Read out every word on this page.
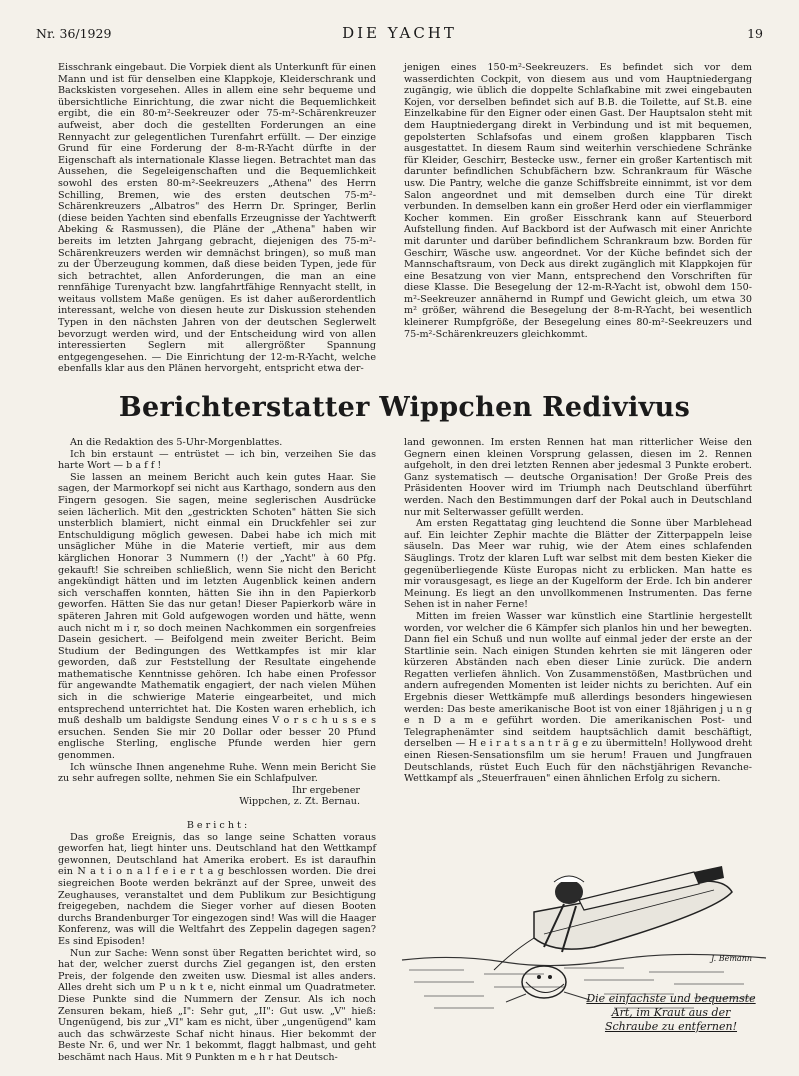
Nr. 36/1929	DIE YACHT	19

Eisschrank eingebaut. Die Vorpiek dient als Unterkunft für einen Mann und ist für denselben eine Klappkoje, Kleiderschrank und Backskisten vorgesehen. Alles in allem eine sehr bequeme und übersichtliche Einrichtung, die zwar nicht die Bequemlichkeit ergibt, die ein 80-m²-Seekreuzer oder 75-m²-Schärenkreuzer aufweist, aber doch die gestellten Forderungen an eine Rennyacht zur gelegentlichen Turenfahrt erfüllt. — Der einzige Grund für eine Forderung der 8-m-R-Yacht dürfte in der Eigenschaft als internationale Klasse liegen. Betrachtet man das Aussehen, die Segeleigenschaften und die Bequemlichkeit sowohl des ersten 80-m²-Seekreuzers „Athena" des Herrn Schilling, Bremen, wie des ersten deutschen 75-m²-Schärenkreuzers „Albatros" des Herrn Dr. Springer, Berlin (diese beiden Yachten sind ebenfalls Erzeugnisse der Yachtwerft Abeking & Rasmussen), die Pläne der „Athena" haben wir bereits im letzten Jahrgang gebracht, diejenigen des 75-m²-Schärenkreuzers werden wir demnächst bringen), so muß man zu der Überzeugung kommen, daß diese beiden Typen, jede für sich betrachtet, allen Anforderungen, die man an eine rennfähige Turenyacht bzw. langfahrtfähige Rennyacht stellt, in weitaus vollstem Maße genügen. Es ist daher außerordentlich interessant, welche von diesen heute zur Diskussion stehenden Typen in den nächsten Jahren von der deutschen Seglerwelt bevorzugt werden wird, und der Entscheidung wird von allen interessierten Seglern mit allergrößter Spannung entgegengesehen. — Die Einrichtung der 12-m-R-Yacht, welche ebenfalls klar aus den Plänen hervorgeht, entspricht etwa der-

jenigen eines 150-m²-Seekreuzers. Es befindet sich vor dem wasserdichten Cockpit, von diesem aus und vom Hauptniedergang zugängig, wie üblich die doppelte Schlafkabine mit zwei eingebauten Kojen, vor derselben befindet sich auf B.B. die Toilette, auf St.B. eine Einzelkabine für den Eigner oder einen Gast. Der Hauptsalon steht mit dem Hauptniedergang direkt in Verbindung und ist mit bequemen, gepolsterten Schlafsofas und einem großen klappbaren Tisch ausgestattet. In diesem Raum sind weiterhin verschiedene Schränke für Kleider, Geschirr, Bestecke usw., ferner ein großer Kartentisch mit darunter befindlichen Schubfächern bzw. Schrankraum für Wäsche usw. Die Pantry, welche die ganze Schiffsbreite einnimmt, ist vor dem Salon angeordnet und mit demselben durch eine Tür direkt verbunden. In demselben kann ein großer Herd oder ein vierflammiger Kocher kommen. Ein großer Eisschrank kann auf Steuerbord Aufstellung finden. Auf Backbord ist der Aufwasch mit einer Anrichte mit darunter und darüber befindlichem Schrankraum bzw. Borden für Geschirr, Wäsche usw. angeordnet. Vor der Küche befindet sich der Mannschaftsraum, von Deck aus direkt zugänglich mit Klappkojen für eine Besatzung von vier Mann, entsprechend den Vorschriften für diese Klasse. Die Besegelung der 12-m-R-Yacht ist, obwohl dem 150-m²-Seekreuzer annähernd in Rumpf und Gewicht gleich, um etwa 30 m² größer, während die Besegelung der 8-m-R-Yacht, bei wesentlich kleinerer Rumpfgröße, der Besegelung eines 80-m²-Seekreuzers und 75-m²-Schärenkreuzers gleichkommt.

Berichterstatter Wippchen Redivivus

An die Redaktion des 5-Uhr-Morgenblattes.

Ich bin erstaunt — entrüstet — ich bin, verzeihen Sie das harte Wort — b a f f !

Sie lassen an meinem Bericht auch kein gutes Haar. Sie sagen, der Marmorkopf sei nicht aus Karthago, sondern aus den Fingern gesogen. Sie sagen, meine seglerischen Ausdrücke seien lächerlich. Mit den „gestrickten Schoten" hätten Sie sich unsterblich blamiert, nicht einmal ein Druckfehler sei zur Entschuldigung möglich gewesen. Dabei habe ich mich mit unsäglicher Mühe in die Materie vertieft, mir aus dem kärglichen Honorar 3 Nummern (!) der „Yacht" à 60 Pfg. gekauft! Sie schreiben schließlich, wenn Sie nicht den Bericht angekündigt hätten und im letzten Augenblick keinen andern sich verschaffen konnten, hätten Sie ihn in den Papierkorb geworfen. Hätten Sie das nur getan! Dieser Papierkorb wäre in späteren Jahren mit Gold aufgewogen worden und hätte, wenn auch nicht m i r, so doch meinen Nachkommen ein sorgenfreies Dasein gesichert. — Beifolgend mein zweiter Bericht. Beim Studium der Bedingungen des Wettkampfes ist mir klar geworden, daß zur Feststellung der Resultate eingehende mathematische Kenntnisse gehören. Ich habe einen Professor für angewandte Mathematik engagiert, der nach vielen Mühen sich in die schwierige Materie eingearbeitet, und mich entsprechend unterrichtet hat. Die Kosten waren erheblich, ich muß deshalb um baldigste Sendung eines V o r s c h u s s e s ersuchen. Senden Sie mir 20 Dollar oder besser 20 Pfund englische Sterling, englische Pfunde werden hier gern genommen.

Ich wünsche Ihnen angenehme Ruhe. Wenn mein Bericht Sie zu sehr aufregen sollte, nehmen Sie ein Schlafpulver.

Ihr ergebener

Wippchen, z. Zt. Bernau.

B e r i c h t :

Das große Ereignis, das so lange seine Schatten voraus geworfen hat, liegt hinter uns. Deutschland hat den Wettkampf gewonnen, Deutschland hat Amerika erobert. Es ist daraufhin ein N a t i o n a l f e i e r t a g beschlossen worden. Die drei siegreichen Boote werden bekränzt auf der Spree, unweit des Zeughauses, veranstaltet und dem Publikum zur Besichtigung freigegeben, nachdem die Sieger vorher auf diesen Booten durchs Brandenburger Tor eingezogen sind! Was will die Haager Konferenz, was will die Weltfahrt des Zeppelin dagegen sagen? Es sind Episoden!

Nun zur Sache: Wenn sonst über Regatten berichtet wird, so hat der, welcher zuerst durchs Ziel gegangen ist, den ersten Preis, der folgende den zweiten usw. Diesmal ist alles anders. Alles dreht sich um P u n k t e, nicht einmal um Quadratmeter. Diese Punkte sind die Nummern der Zensur. Als ich noch Zensuren bekam, hieß „I": Sehr gut, „II": Gut usw. „V" hieß: Ungenügend, bis zur „VI" kam es nicht, über „ungenügend" kam auch das schwärzeste Schaf nicht hinaus. Hier bekommt der Beste Nr. 6, und wer Nr. 1 bekommt, flaggt halbmast, und geht beschämt nach Haus. Mit 9 Punkten m e h r hat Deutsch-

land gewonnen. Im ersten Rennen hat man ritterlicher Weise den Gegnern einen kleinen Vorsprung gelassen, diesen im 2. Rennen aufgeholt, in den drei letzten Rennen aber jedesmal 3 Punkte erobert. Ganz systematisch — deutsche Organisation! Der Große Preis des Präsidenten Hoover wird im Triumph nach Deutschland überführt werden. Nach den Bestimmungen darf der Pokal auch in Deutschland nur mit Selterwasser gefüllt werden.

Am ersten Regattatag ging leuchtend die Sonne über Marblehead auf. Ein leichter Zephir machte die Blätter der Zitterpappeln leise säuseln. Das Meer war ruhig, wie der Atem eines schlafenden Säuglings. Trotz der klaren Luft war selbst mit dem besten Kieker die gegenüberliegende Küste Europas nicht zu erblicken. Man hatte es mir vorausgesagt, es liege an der Kugelform der Erde. Ich bin anderer Meinung. Es liegt an den unvollkommenen Instrumenten. Das ferne Sehen ist in naher Ferne!

Mitten im freien Wasser war künstlich eine Startlinie hergestellt worden, vor welcher die 6 Kämpfer sich planlos hin und her bewegten. Dann fiel ein Schuß und nun wollte auf einmal jeder der erste an der Startlinie sein. Nach einigen Stunden kehrten sie mit längeren oder kürzeren Abständen nach eben dieser Linie zurück. Die andern Regatten verliefen ähnlich. Von Zusammenstößen, Mastbrüchen und andern aufregenden Momenten ist leider nichts zu berichten. Auf ein Ergebnis dieser Wettkämpfe muß allerdings besonders hingewiesen werden: Das beste amerikanische Boot ist von einer 18jährigen j u n g e n D a m e geführt worden. Die amerikanischen Post- und Telegraphenämter sind seitdem hauptsächlich damit beschäftigt, derselben — H e i r a t s a n t r ä g e zu übermitteln! Hollywood dreht einen Riesen-Sensationsfilm um sie herum! Frauen und Jungfrauen Deutschlands, rüstet Euch Euch für den nächstjährigen Revanche-Wettkampf als „Steuerfrauen" einen ähnlichen Erfolg zu sichern.

J. Bemann
Die einfachste und bequemste
Art, im Kraut aus der
Schraube zu entfernen!
